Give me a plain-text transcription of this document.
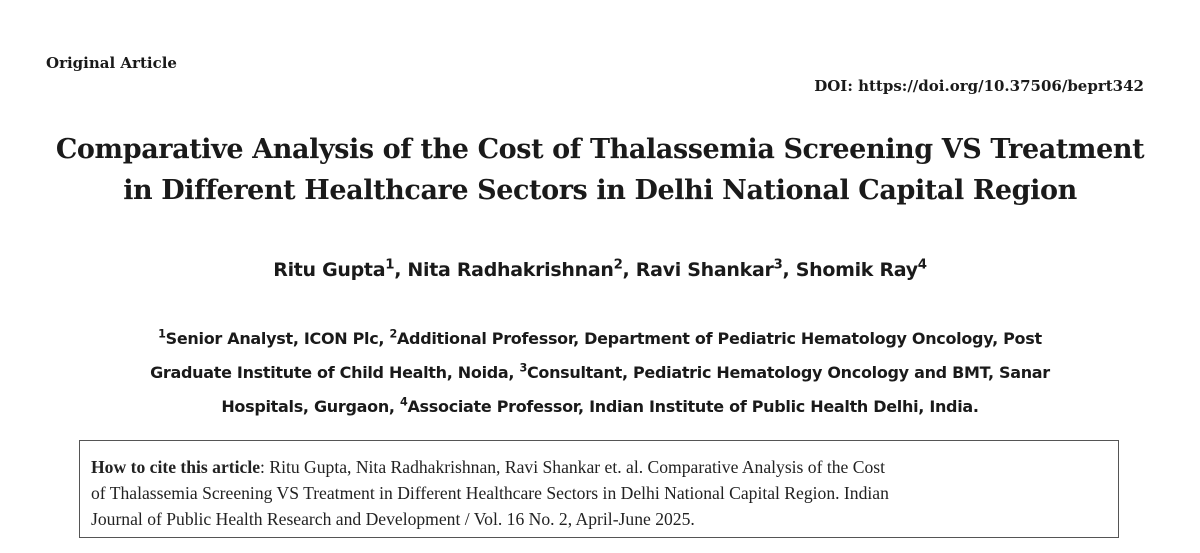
Original Article
DOI: https://doi.org/10.37506/beprt342
Comparative Analysis of the Cost of Thalassemia Screening VS Treatment
in Different Healthcare Sectors in Delhi National Capital Region
Ritu Gupta$^1$, Nita Radhakrishnan$^2$, Ravi Shankar$^3$, Shomik Ray$^4$
$^1$Senior Analyst, ICON Plc, $^2$Additional Professor, Department of Pediatric Hematology Oncology, Post
Graduate Institute of Child Health, Noida, $^3$Consultant, Pediatric Hematology Oncology and BMT, Sanar
Hospitals, Gurgaon, $^4$Associate Professor, Indian Institute of Public Health Delhi, India.
How to cite this article: Ritu Gupta, Nita Radhakrishnan, Ravi Shankar et. al. Comparative Analysis of the Cost
of Thalassemia Screening VS Treatment in Different Healthcare Sectors in Delhi National Capital Region. Indian
Journal of Public Health Research and Development / Vol. 16 No. 2, April-June 2025.
